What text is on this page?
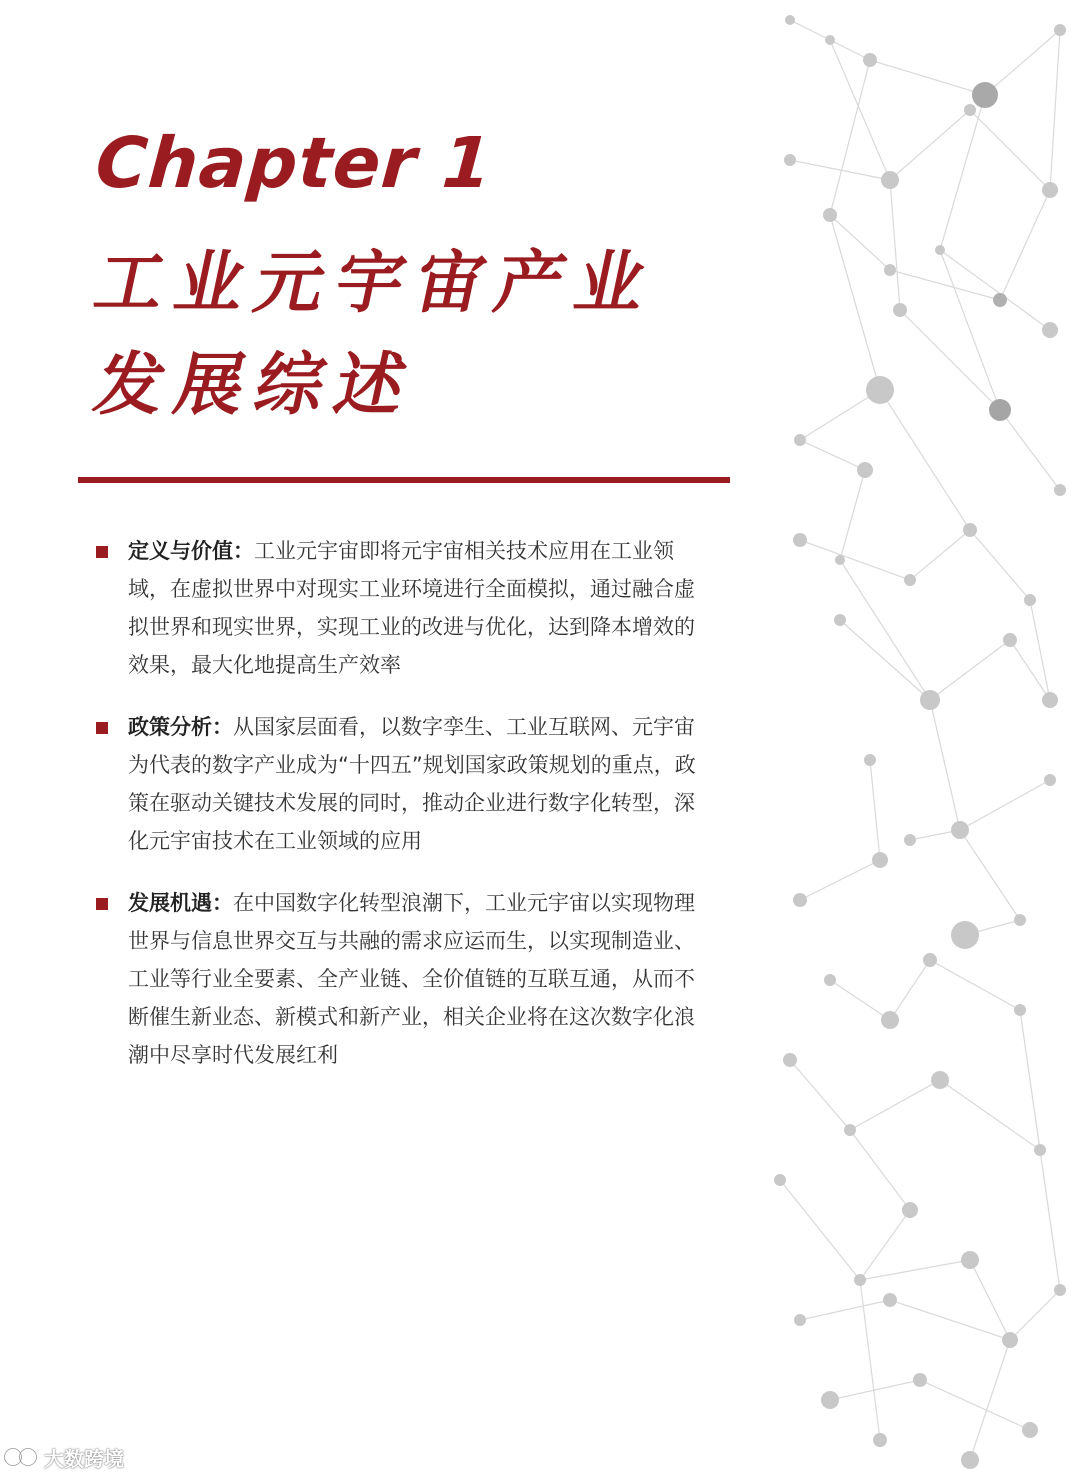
Chapter 1
工业元宇宙产业
发展综述
定义与价值：工业元宇宙即将元宇宙相关技术应用在工业领域，在虚拟世界中对现实工业环境进行全面模拟，通过融合虚拟世界和现实世界，实现工业的改进与优化，达到降本增效的效果，最大化地提高生产效率
政策分析：从国家层面看，以数字孪生、工业互联网、元宇宙为代表的数字产业成为“十四五”规划国家政策规划的重点，政策在驱动关键技术发展的同时，推动企业进行数字化转型，深化元宇宙技术在工业领域的应用
发展机遇：在中国数字化转型浪潮下，工业元宇宙以实现物理世界与信息世界交互与共融的需求应运而生，以实现制造业、工业等行业全要素、全产业链、全价值链的互联互通，从而不断催生新业态、新模式和新产业，相关企业将在这次数字化浪潮中尽享时代发展红利
大数跨境
